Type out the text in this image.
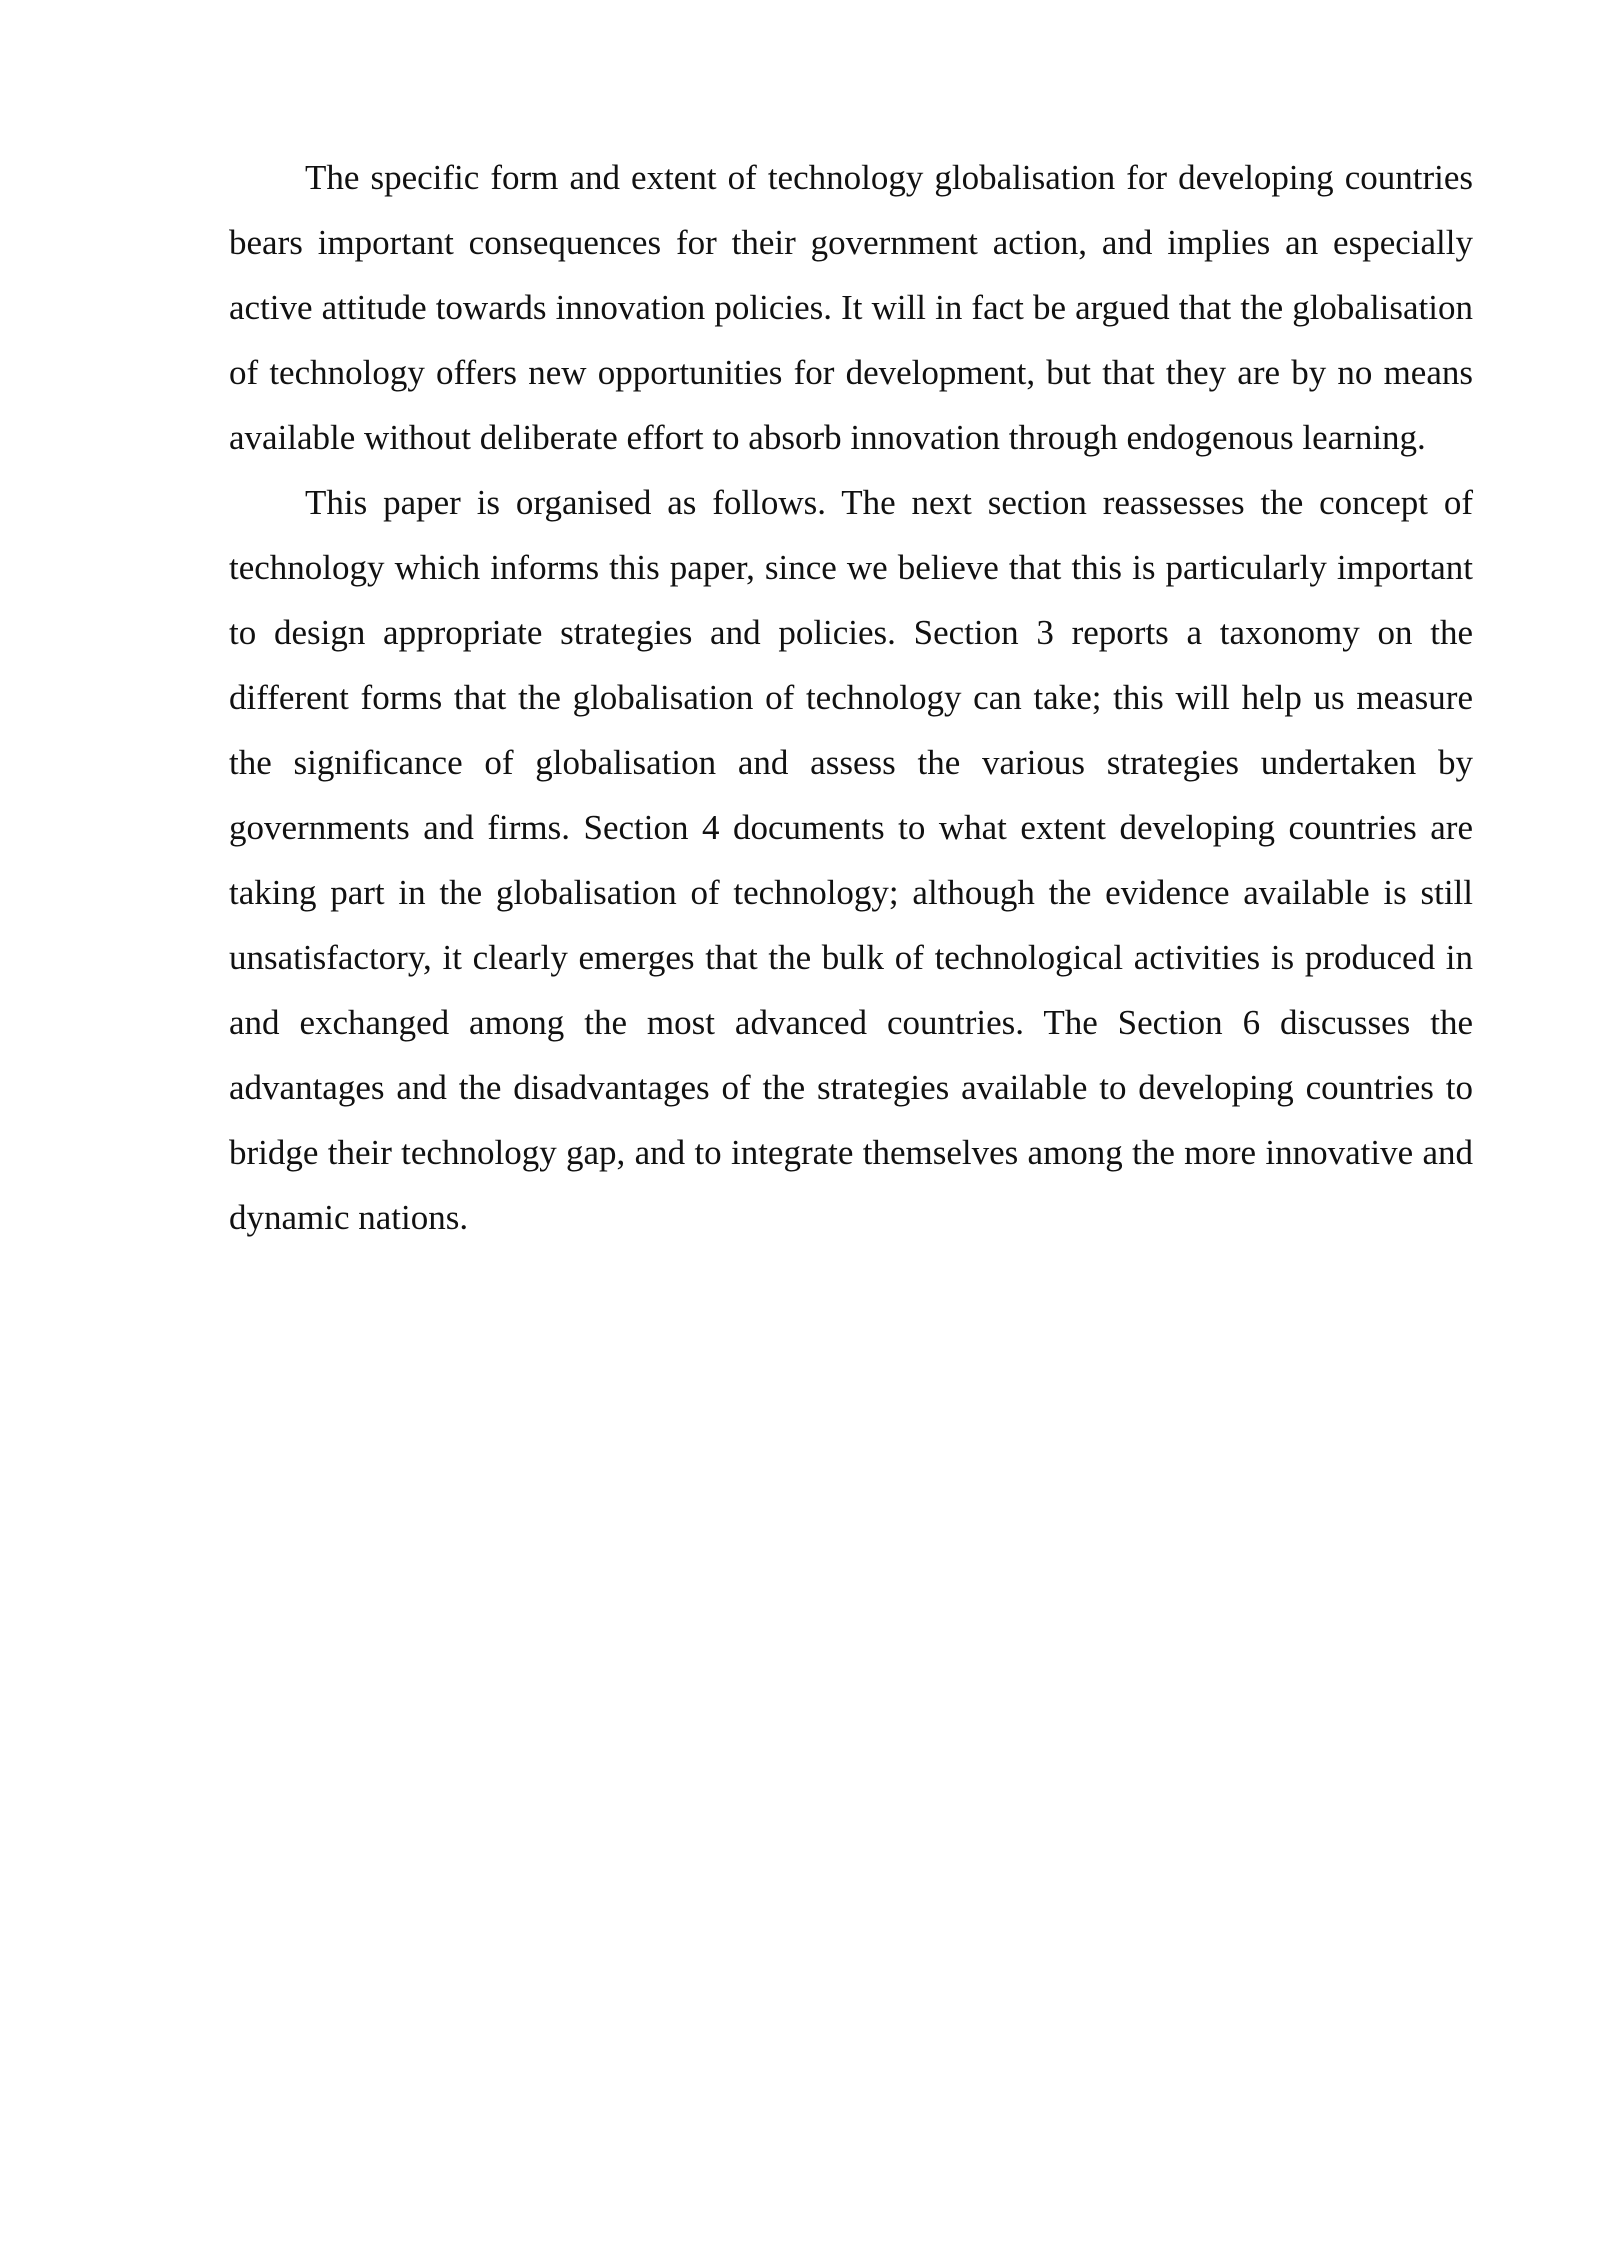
The specific form and extent of technology globalisation for developing countries bears important consequences for their government action, and implies an especially active attitude towards innovation policies. It will in fact be argued that the globalisation of technology offers new opportunities for development, but that they are by no means available without deliberate effort to absorb innovation through endogenous learning.

This paper is organised as follows. The next section reassesses the concept of technology which informs this paper, since we believe that this is particularly important to design appropriate strategies and policies. Section 3 reports a taxonomy on the different forms that the globalisation of technology can take; this will help us measure the significance of globalisation and assess the various strategies undertaken by governments and firms. Section 4 documents to what extent developing countries are taking part in the globalisation of technology; although the evidence available is still unsatisfactory, it clearly emerges that the bulk of technological activities is produced in and exchanged among the most advanced countries. The Section 6 discusses the advantages and the disadvantages of the strategies available to developing countries to bridge their technology gap, and to integrate themselves among the more innovative and dynamic nations.
